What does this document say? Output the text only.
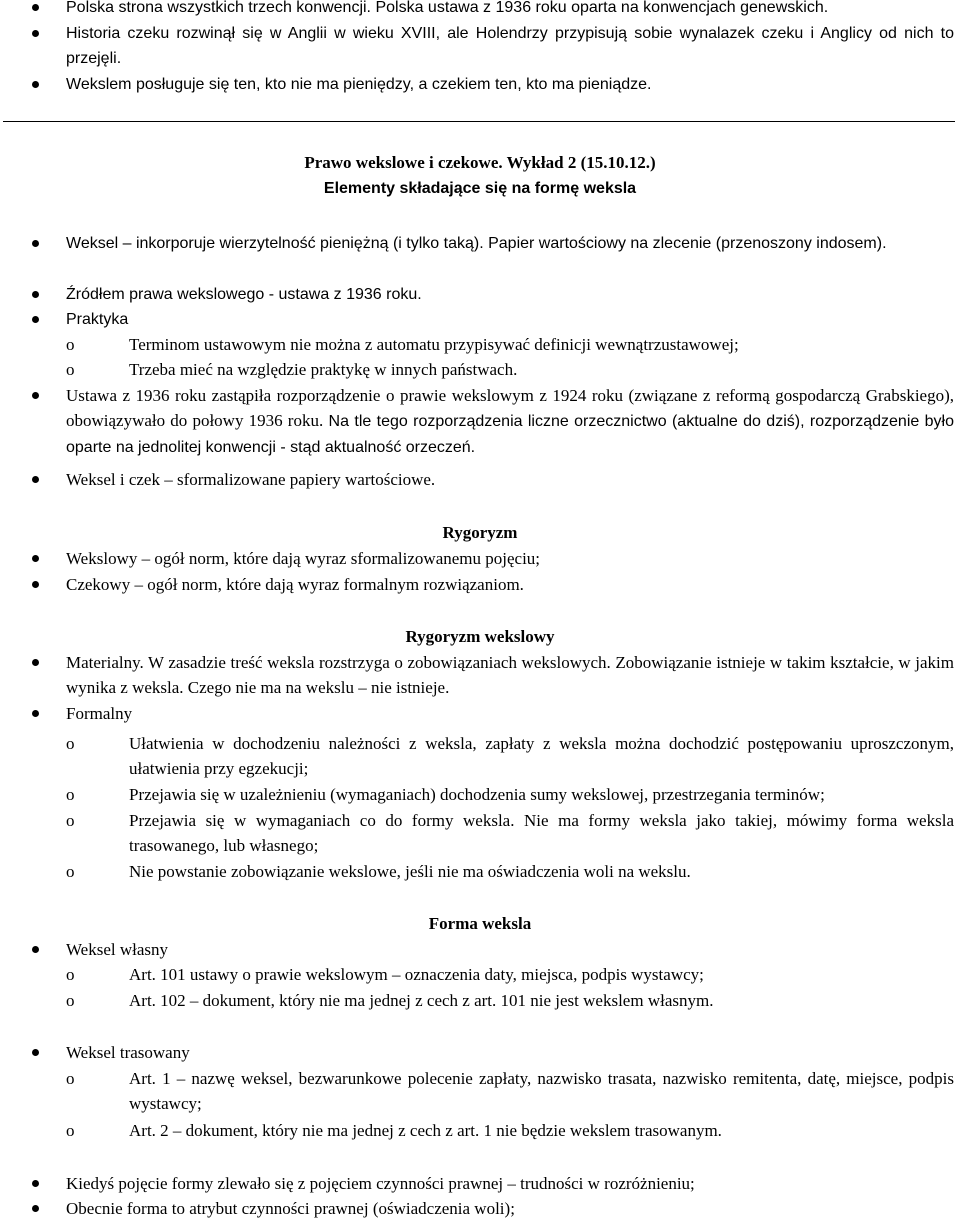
Polska strona wszystkich trzech konwencji. Polska ustawa z 1936 roku oparta na konwencjach genewskich.
Historia czeku rozwinął się w Anglii w wieku XVIII, ale Holendrzy przypisują sobie wynalazek czeku i Anglicy od nich to przejęli.
Wekslem posługuje się ten, kto nie ma pieniędzy, a czekiem ten, kto ma pieniądze.
Prawo wekslowe i czekowe. Wykład 2 (15.10.12.)
Elementy składające się na formę weksla
Weksel – inkorporuje wierzytelność pieniężną (i tylko taką). Papier wartościowy na zlecenie (przenoszony indosem).
Źródłem prawa wekslowego - ustawa z 1936 roku.
Praktyka
o	Terminom ustawowym nie można z automatu przypisywać definicji wewnątrzustawowej;
o	Trzeba mieć na względzie praktykę w innych państwach.
Ustawa z 1936 roku zastąpiła rozporządzenie o prawie wekslowym z 1924 roku (związane z reformą gospodarczą Grabskiego), obowiązywało do połowy 1936 roku. Na tle tego rozporządzenia liczne orzecznictwo (aktualne do dziś), rozporządzenie było oparte na jednolitej konwencji - stąd aktualność orzeczeń.
Weksel i czek – sformalizowane papiery wartościowe.
Rygoryzm
Wekslowy – ogół norm, które dają wyraz sformalizowanemu pojęciu;
Czekowy – ogół norm, które dają wyraz formalnym rozwiązaniom.
Rygoryzm wekslowy
Materialny. W zasadzie treść weksla rozstrzyga o zobowiązaniach wekslowych. Zobowiązanie istnieje w takim kształcie, w jakim wynika z weksla. Czego nie ma na wekslu – nie istnieje.
Formalny
o	Ułatwienia w dochodzeniu należności z weksla, zapłaty z weksla można dochodzić postępowaniu uproszczonym, ułatwienia przy egzekucji;
o	Przejawia się w uzależnieniu (wymaganiach) dochodzenia sumy wekslowej, przestrzegania terminów;
o	Przejawia się w wymaganiach co do formy weksla. Nie ma formy weksla jako takiej, mówimy forma weksla trasowanego, lub własnego;
o	Nie powstanie zobowiązanie wekslowe, jeśli nie ma oświadczenia woli na wekslu.
Forma weksla
Weksel własny
o	Art. 101 ustawy o prawie wekslowym – oznaczenia daty, miejsca, podpis wystawcy;
o	Art. 102 – dokument, który nie ma jednej z cech z art. 101 nie jest wekslem własnym.
Weksel trasowany
o	Art. 1 – nazwę weksel, bezwarunkowe polecenie zapłaty, nazwisko trasata, nazwisko remitenta, datę, miejsce, podpis wystawcy;
o	Art. 2 – dokument, który nie ma jednej z cech z art. 1 nie będzie wekslem trasowanym.
Kiedyś pojęcie formy zlewało się z pojęciem czynności prawnej – trudności w rozróżnieniu;
Obecnie forma to atrybut czynności prawnej (oświadczenia woli);
